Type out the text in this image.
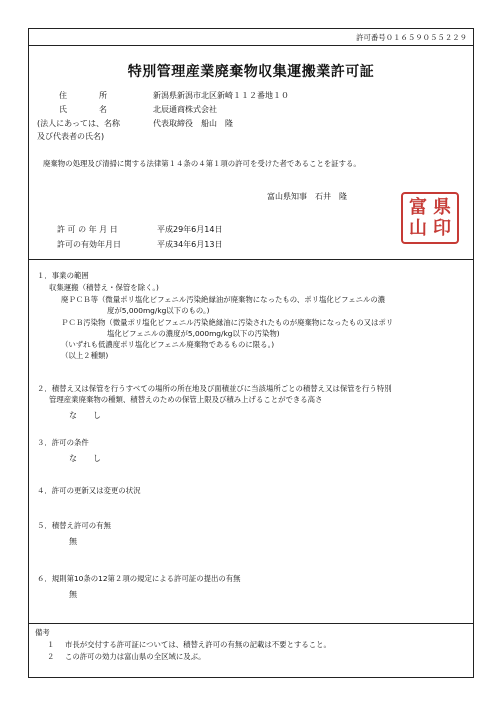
許可番号０１６５９０５５２２９
特別管理産業廃棄物収集運搬業許可証
住　　　　所	新潟県新潟市北区新崎１１２番地１０
氏　　　　名	北辰通商株式会社
(法人にあっては、名称	代表取締役　船山　隆
及び代表者の氏名)
廃棄物の処理及び清掃に関する法律第１４条の４第１項の許可を受けた者であることを証する。
富山県知事　石井　隆
富 県
山 印
許 可 の 年 月 日	平成29年6月14日
許可の有効年月日	平成34年6月13日
１．事業の範囲
収集運搬（積替え・保管を除く。)
廃ＰＣＢ等（微量ポリ塩化ビフェニル汚染絶縁油が廃棄物になったもの、ポリ塩化ビフェニルの濃
度が5,000mg/kg以下のもの。)
ＰＣＢ汚染物（微量ポリ塩化ビフェニル汚染絶縁油に汚染されたものが廃棄物になったもの又はポリ
塩化ビフェニルの濃度が5,000mg/kg以下の汚染物)
（いずれも低濃度ポリ塩化ビフェニル廃棄物であるものに限る。)
（以上２種類)
２．積替え又は保管を行うすべての場所の所在地及び面積並びに当該場所ごとの積替え又は保管を行う特別
管理産業廃棄物の種類、積替えのための保管上限及び積み上げることができる高さ
な　　し
３．許可の条件
な　　し
４．許可の更新又は変更の状況
５．積替え許可の有無
無
６．規則第10条の12第２項の規定による許可証の提出の有無
無
備考
１ 市長が交付する許可証については、積替え許可の有無の記載は不要とすること。
２ この許可の効力は富山県の全区域に及ぶ。
